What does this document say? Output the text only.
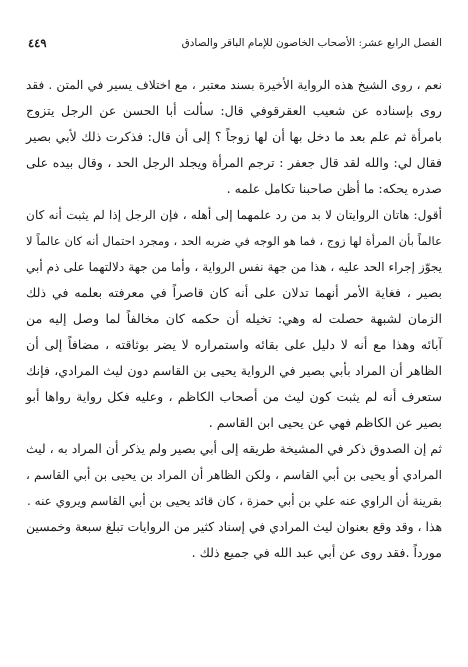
٤٤٩	الفصل الرابع عشر: الأصحاب الخاصون للإمام الباقر والصادق
نعم ، روى الشيخ هذه الرواية الأخيرة بسند معتبر ، مع اختلاف يسير في المتن . فقد
روى بإسناده عن شعيب العقرقوفي قال: سألت أبا الحسن عن الرجل يتزوج
بامرأة ثم علم بعد ما دخل بها أن لها زوجاً ؟ إلى أن قال: فذكرت ذلك لأبي بصير
فقال لي: والله لقد قال جعفر : ترجم المرأة ويجلد الرجل الحد ، وقال بيده على
صدره يحكه: ما أظن صاحبنا تكامل علمه .
أقول: هاتان الروايتان لا بد من رد علمهما إلى أهله ، فإن الرجل إذا لم يثبت أنه كان
عالماً بأن المرأة لها زوج ، فما هو الوجه في ضربه الحد ، ومجرد احتمال أنه كان عالماً لا
يجوّز إجراء الحد عليه ، هذا من جهة نفس الرواية ، وأما من جهة دلالتهما على ذم أبي
بصير ، فغاية الأمر أنهما تدلان على أنه كان قاصراً في معرفته بعلمه في ذلك
الزمان لشبهة حصلت له وهي: تخيله أن حكمه كان مخالفاً لما وصل إليه من
آبائه وهذا مع أنه لا دليل على بقائه واستمراره لا يضر بوثاقته ، مضافاً إلى أن
الظاهر أن المراد بأبي بصير في الرواية يحيى بن القاسم دون ليث المرادي، فإنك
ستعرف أنه لم يثبت كون ليث من أصحاب الكاظم ، وعليه فكل رواية رواها أبو
بصير عن الكاظم فهي عن يحيى ابن القاسم .
ثم إن الصدوق ذكر في المشيخة طريقه إلى أبي بصير ولم يذكر أن المراد به ، ليث
المرادي أو يحيى بن أبي القاسم ، ولكن الظاهر أن المراد بن يحيى بن أبي القاسم ،
بقرينة أن الراوي عنه علي بن أبي حمزة ، كان قائد يحيى بن أبي القاسم ويروي عنه .
هذا ، وقد وقع بعنوان ليث المرادي في إسناد كثير من الروايات تبلغ سبعة وخمسين
مورداً .فقد روى عن أبي عبد الله في جميع ذلك .
